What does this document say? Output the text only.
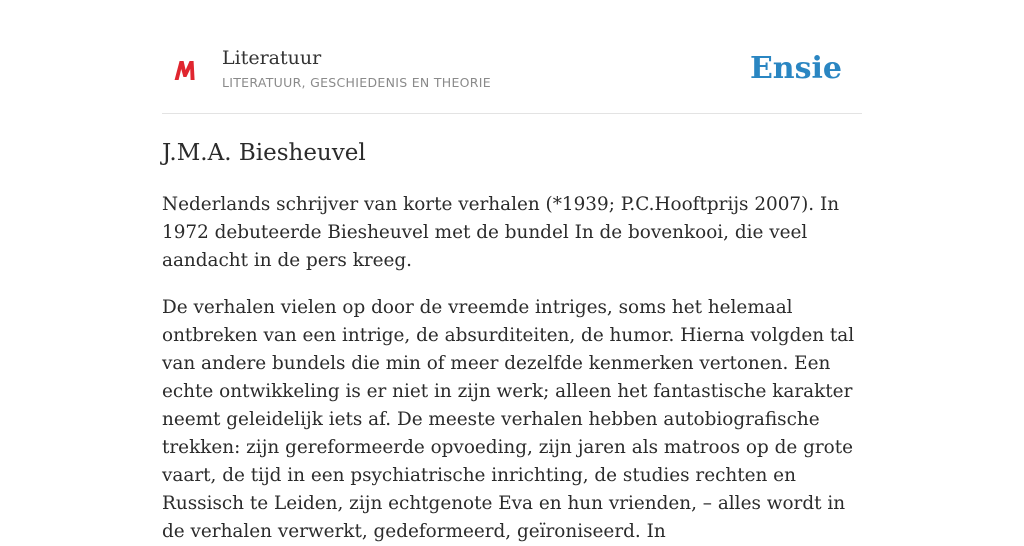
Literatuur
LITERATUUR, GESCHIEDENIS EN THEORIE	Ensie
J.M.A. Biesheuvel

Nederlands schrijver van korte verhalen (*1939; P.C.Hooftprijs 2007). In 1972 debuteerde Biesheuvel met de bundel In de bovenkooi, die veel aandacht in de pers kreeg.

De verhalen vielen op door de vreemde intriges, soms het helemaal ontbreken van een intrige, de absurditeiten, de humor. Hierna volgden tal van andere bundels die min of meer dezelfde kenmerken vertonen. Een echte ontwikkeling is er niet in zijn werk; alleen het fantastische karakter neemt geleidelijk iets af. De meeste verhalen hebben autobiografische trekken: zijn gereformeerde opvoeding, zijn jaren als matroos op de grote vaart, de tijd in een psychiatrische inrichting, de studies rechten en Russisch te Leiden, zijn echtgenote Eva en hun vrienden, – alles wordt in de verhalen verwerkt, gedeformeerd, geïroniseerd. In
